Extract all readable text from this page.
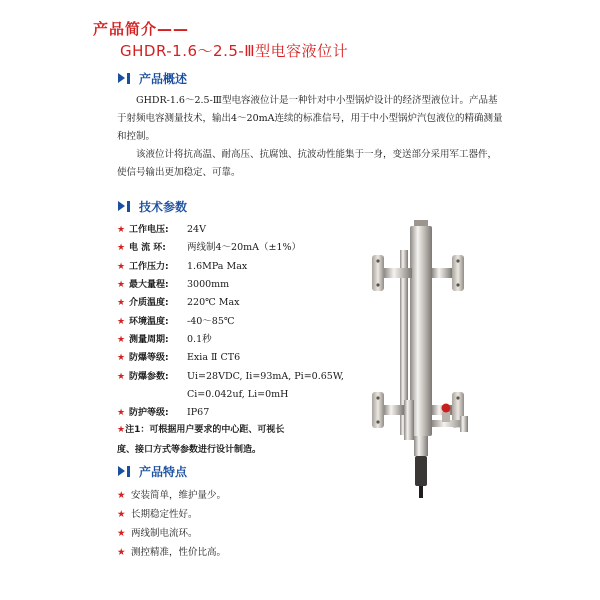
产品简介——
GHDR-1.6～2.5-Ⅲ型电容液位计
产品概述

GHDR-1.6～2.5-Ⅲ型电容液位计是一种针对中小型锅炉设计的经济型液位计。产品基于射频电容测量技术，输出4～20mA连续的标准信号，用于中小型锅炉汽包液位的精确测量和控制。

该液位计将抗高温、耐高压、抗腐蚀、抗波动性能集于一身，变送部分采用军工器件，使信号输出更加稳定、可靠。

技术参数
★ 工作电压: 24V
★ 电 流 环: 两线制4～20mA（±1%）
★ 工作压力: 1.6MPa Max
★ 最大量程: 3000mm
★ 介质温度: 220℃ Max
★ 环境温度: -40～85℃
★ 测量周期: 0.1秒
★ 防爆等级: Exia Ⅱ CT6
★ 防爆参数: Ui=28VDC, Ii=93mA, Pi=0.65W,
Ci=0.042uf, Li=0mH
★ 防护等级: IP67
★注1：可根据用户要求的中心距、可视长
度、接口方式等参数进行设计制造。
产品特点
★ 安装简单，维护量少。
★ 长期稳定性好。
★ 两线制电流环。
★ 测控精准，性价比高。
